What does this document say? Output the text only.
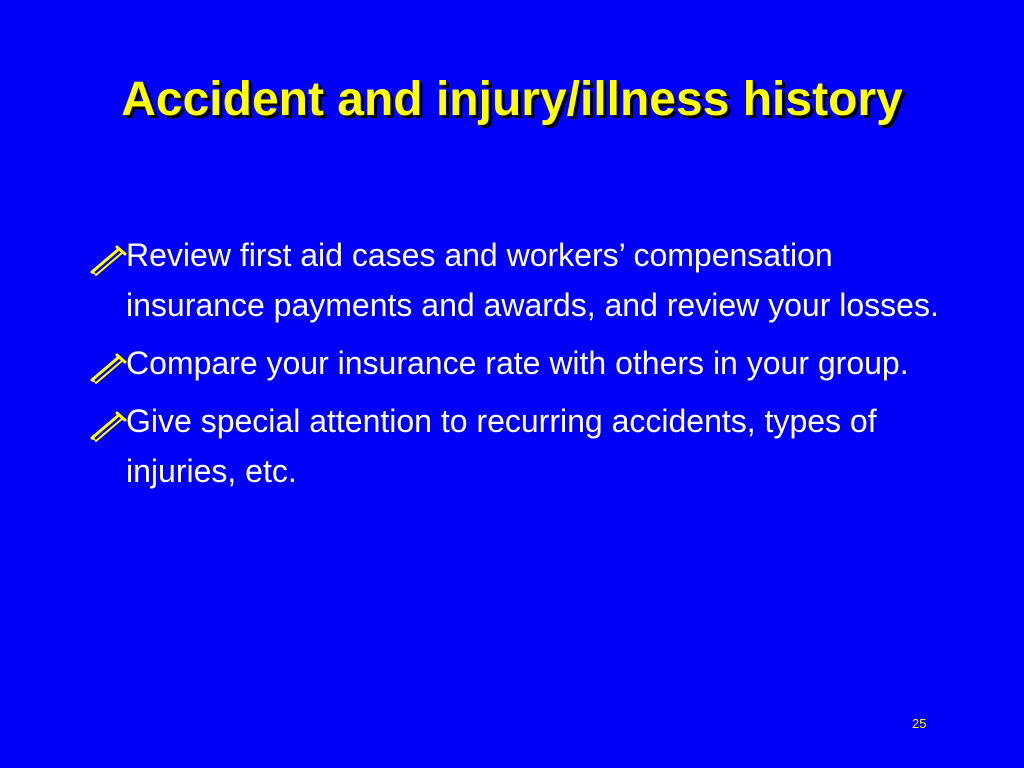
Accident and injury/illness history
Review first aid cases and workers’ compensation insurance payments and awards, and review your losses.
Compare your insurance rate with others in your group.
Give special attention to recurring accidents, types of injuries, etc.
25
